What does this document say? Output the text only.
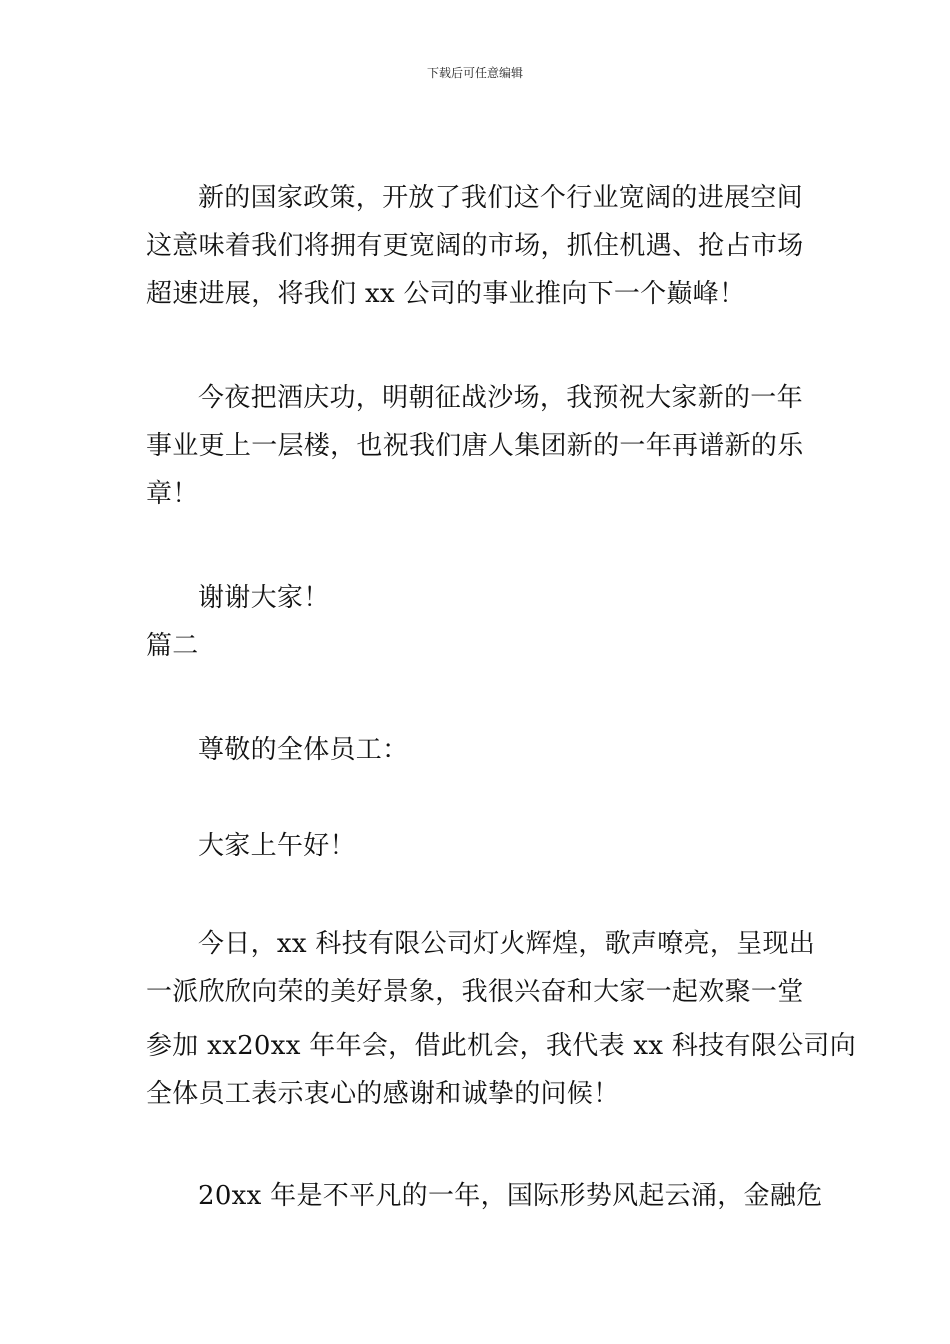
下载后可任意编辑
新的国家政策，开放了我们这个行业宽阔的进展空间
这意味着我们将拥有更宽阔的市场，抓住机遇、抢占市场
超速进展，将我们 xx 公司的事业推向下一个巅峰！
今夜把酒庆功，明朝征战沙场，我预祝大家新的一年
事业更上一层楼，也祝我们唐人集团新的一年再谱新的乐
章！
谢谢大家！
篇二
尊敬的全体员工：
大家上午好！
今日，xx 科技有限公司灯火辉煌，歌声嘹亮，呈现出
一派欣欣向荣的美好景象，我很兴奋和大家一起欢聚一堂
参加 xx20xx 年年会，借此机会，我代表 xx 科技有限公司向
全体员工表示衷心的感谢和诚挚的问候！
20xx 年是不平凡的一年，国际形势风起云涌，金融危
